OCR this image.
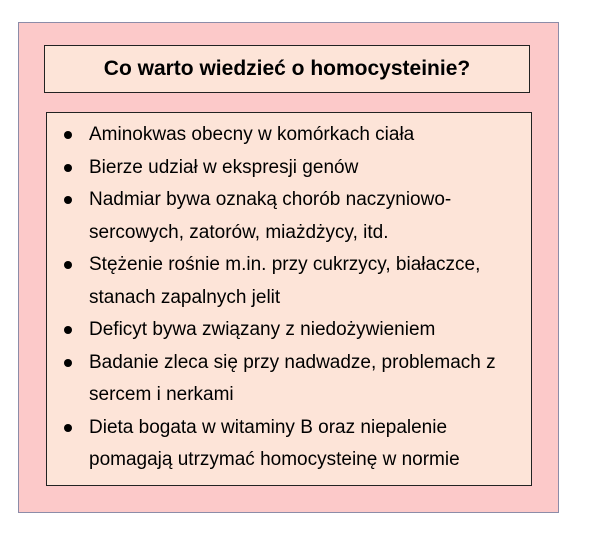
Co warto wiedzieć o homocysteinie?
Aminokwas obecny w komórkach ciała
Bierze udział w ekspresji genów
Nadmiar bywa oznaką chorób naczyniowo-sercowych, zatorów, miażdżycy, itd.
Stężenie rośnie m.in. przy cukrzycy, białaczce, stanach zapalnych jelit
Deficyt bywa związany z niedożywieniem
Badanie zleca się przy nadwadze, problemach z sercem i nerkami
Dieta bogata w witaminy B oraz niepalenie pomagają utrzymać homocysteinę w normie
